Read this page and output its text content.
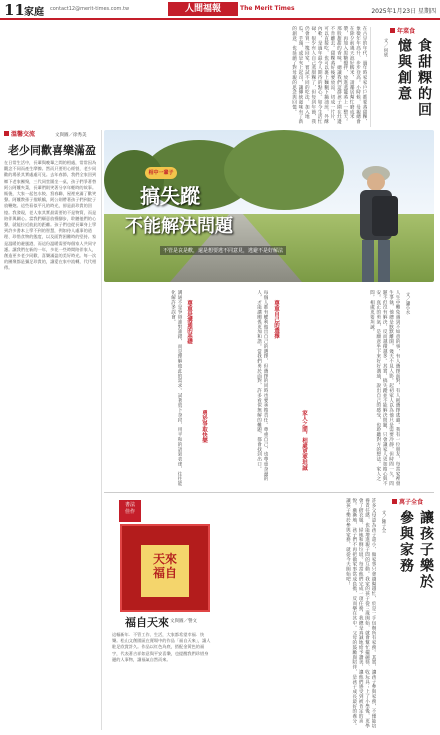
11 家庭 contact12@merit-times.com.tw	人間福報	The Merit Times	2025年1月23日 星期四
年菜食
食甜粿的回憶與創意
文／何欣
在古早的年代，過年時家家戶戶都要蒸甜粿，象徵年年高升、步步登高。小時候，母親總會在除夕前幾天泡好糯米，請鄰居幫忙磨成米漿，再加入黑糖攪拌，放進蒸籠蒸上一整天。那股甜甜的香味，總讓我們這群孩子圍在灶邊不肯離去。甜粿蒸好後要放涼，切成一片片，可以直接吃，也可以裹上麵糊下鍋油煎，外酥內軟，是過年最令人期待的點心。如今生活忙碌，很少有人自己蒸甜粿了，但每到年節，我仍會買一塊回家，嘗試不同的吃法，加入地瓜、芋頭，或是夾上起司，讓傳統滋味有了新的創意，也延續了對母親的思念與回憶。
溫馨交流	文與圖／徐秀美
老少同歡喜樂滿盈
在日常生活中，長輩與晚輩之間的相處，常常因為觀念不同而產生摩擦。然而只要用心經營，老少同歡的場景其實處處可見。去年春節，我們全家回到鄉下老家團聚，三代同堂圍坐一桌，孩子們爭著替阿公阿嬤夾菜，長輩們則笑著分享年輕時的故事。飯後，大家一起包水餃、寫春聯，屋裡充滿了歡笑聲。阿嬤教孫子摺紙鶴，阿公則帶著孩子們到院子放鞭炮。這些看似平凡的時光，卻是最珍貴的回憶。我發現，老人家其實最需要的不是物質，而是陪伴與關心。當我們願意放慢腳步，聆聽他們的心聲，就能拉近彼此的距離。孩子們也從長輩身上學到許多書本上學不到的智慧，例如待人處事的道理、珍惜食物的態度，以及面對困難時的堅持。家是溫暖的避風港，而這份溫暖需要每個家人共同守護。讓我們在新的一年，多花一些時間陪伴家人，創造更多老少同歡、喜樂滿盈的美好時光。每一次的團聚都是彌足珍貴的，讓愛在家中流轉，代代相傳。
相中一輩子
搞失蹤
不能解決問題
不管是哀是歡，還是想要逃不同意見，逃避不是好解法
文／瀟小水
人生中難免遇到不如意的事，有人選擇面對，有人則選擇逃避。我有一位朋友，每當家裡發生爭執，他總是默默離開，幾天不見人影。起初家人以為他只是需要冷靜，但時間一久，問題不但沒有解決，反而越積越多。其實，搞失蹤並不能解決問題，只會讓家人更加擔心與不安。真正的勇氣，是願意坐下來好好溝通，說出自己的感受，也聆聽對方的想法。家人之間，相處更要坦誠。
尊重自己的選擇
每個人都有權利做出自己的選擇，但選擇的同時也要承擔責任。尊重自己，也尊重身邊的人，才能讓關係更加和諧。當我們勇於面對，許多看似無解的難題，都會找到出口。
尊重是溝通的基礎
溝通不是爭辯誰對誰錯，而是理解彼此的需求。試著放下身段，用平和的語氣表達，往往能化解許多誤會。
家人之間，相處更要坦誠
勇於爭取快樂
萬子全食
讓孩子樂於參與家務
文／陳子全
許多父母認為孩子還小，做家事只會越幫越忙，於是一手包辦所有家務。其實，讓孩子參與家務，不僅能培養責任感，也能增進親子間的互動。我家的孩子從三歲開始，就會幫忙擺碗筷、收玩具；上了小學後，更學會了摺衣服、掃地和倒垃圾。每當他們完成一項任務，我總是真誠地給予讚美，讓他們感受到被肯定的喜悅。漸漸地，孩子們不再把做家事當成負擔，反而樂在其中。父母的鼓勵與陪伴，是孩子成長最好的養分。讓孩子樂於參與家務，就從今天開始吧！
書法
佳作
天來福自
福自天來 文與圖／譽文
這幅新年．不管工作、生活，大家都希望幸福．快樂。松山文創園區在賣場中的作品「福自天來」，讓人駐足欣賞許久。作品以紅色為底，搭配金黃色的福字，代表著吉祥如意與平安喜樂，也提醒我們珍惜身邊的人事物，讓福氣自然而來。
